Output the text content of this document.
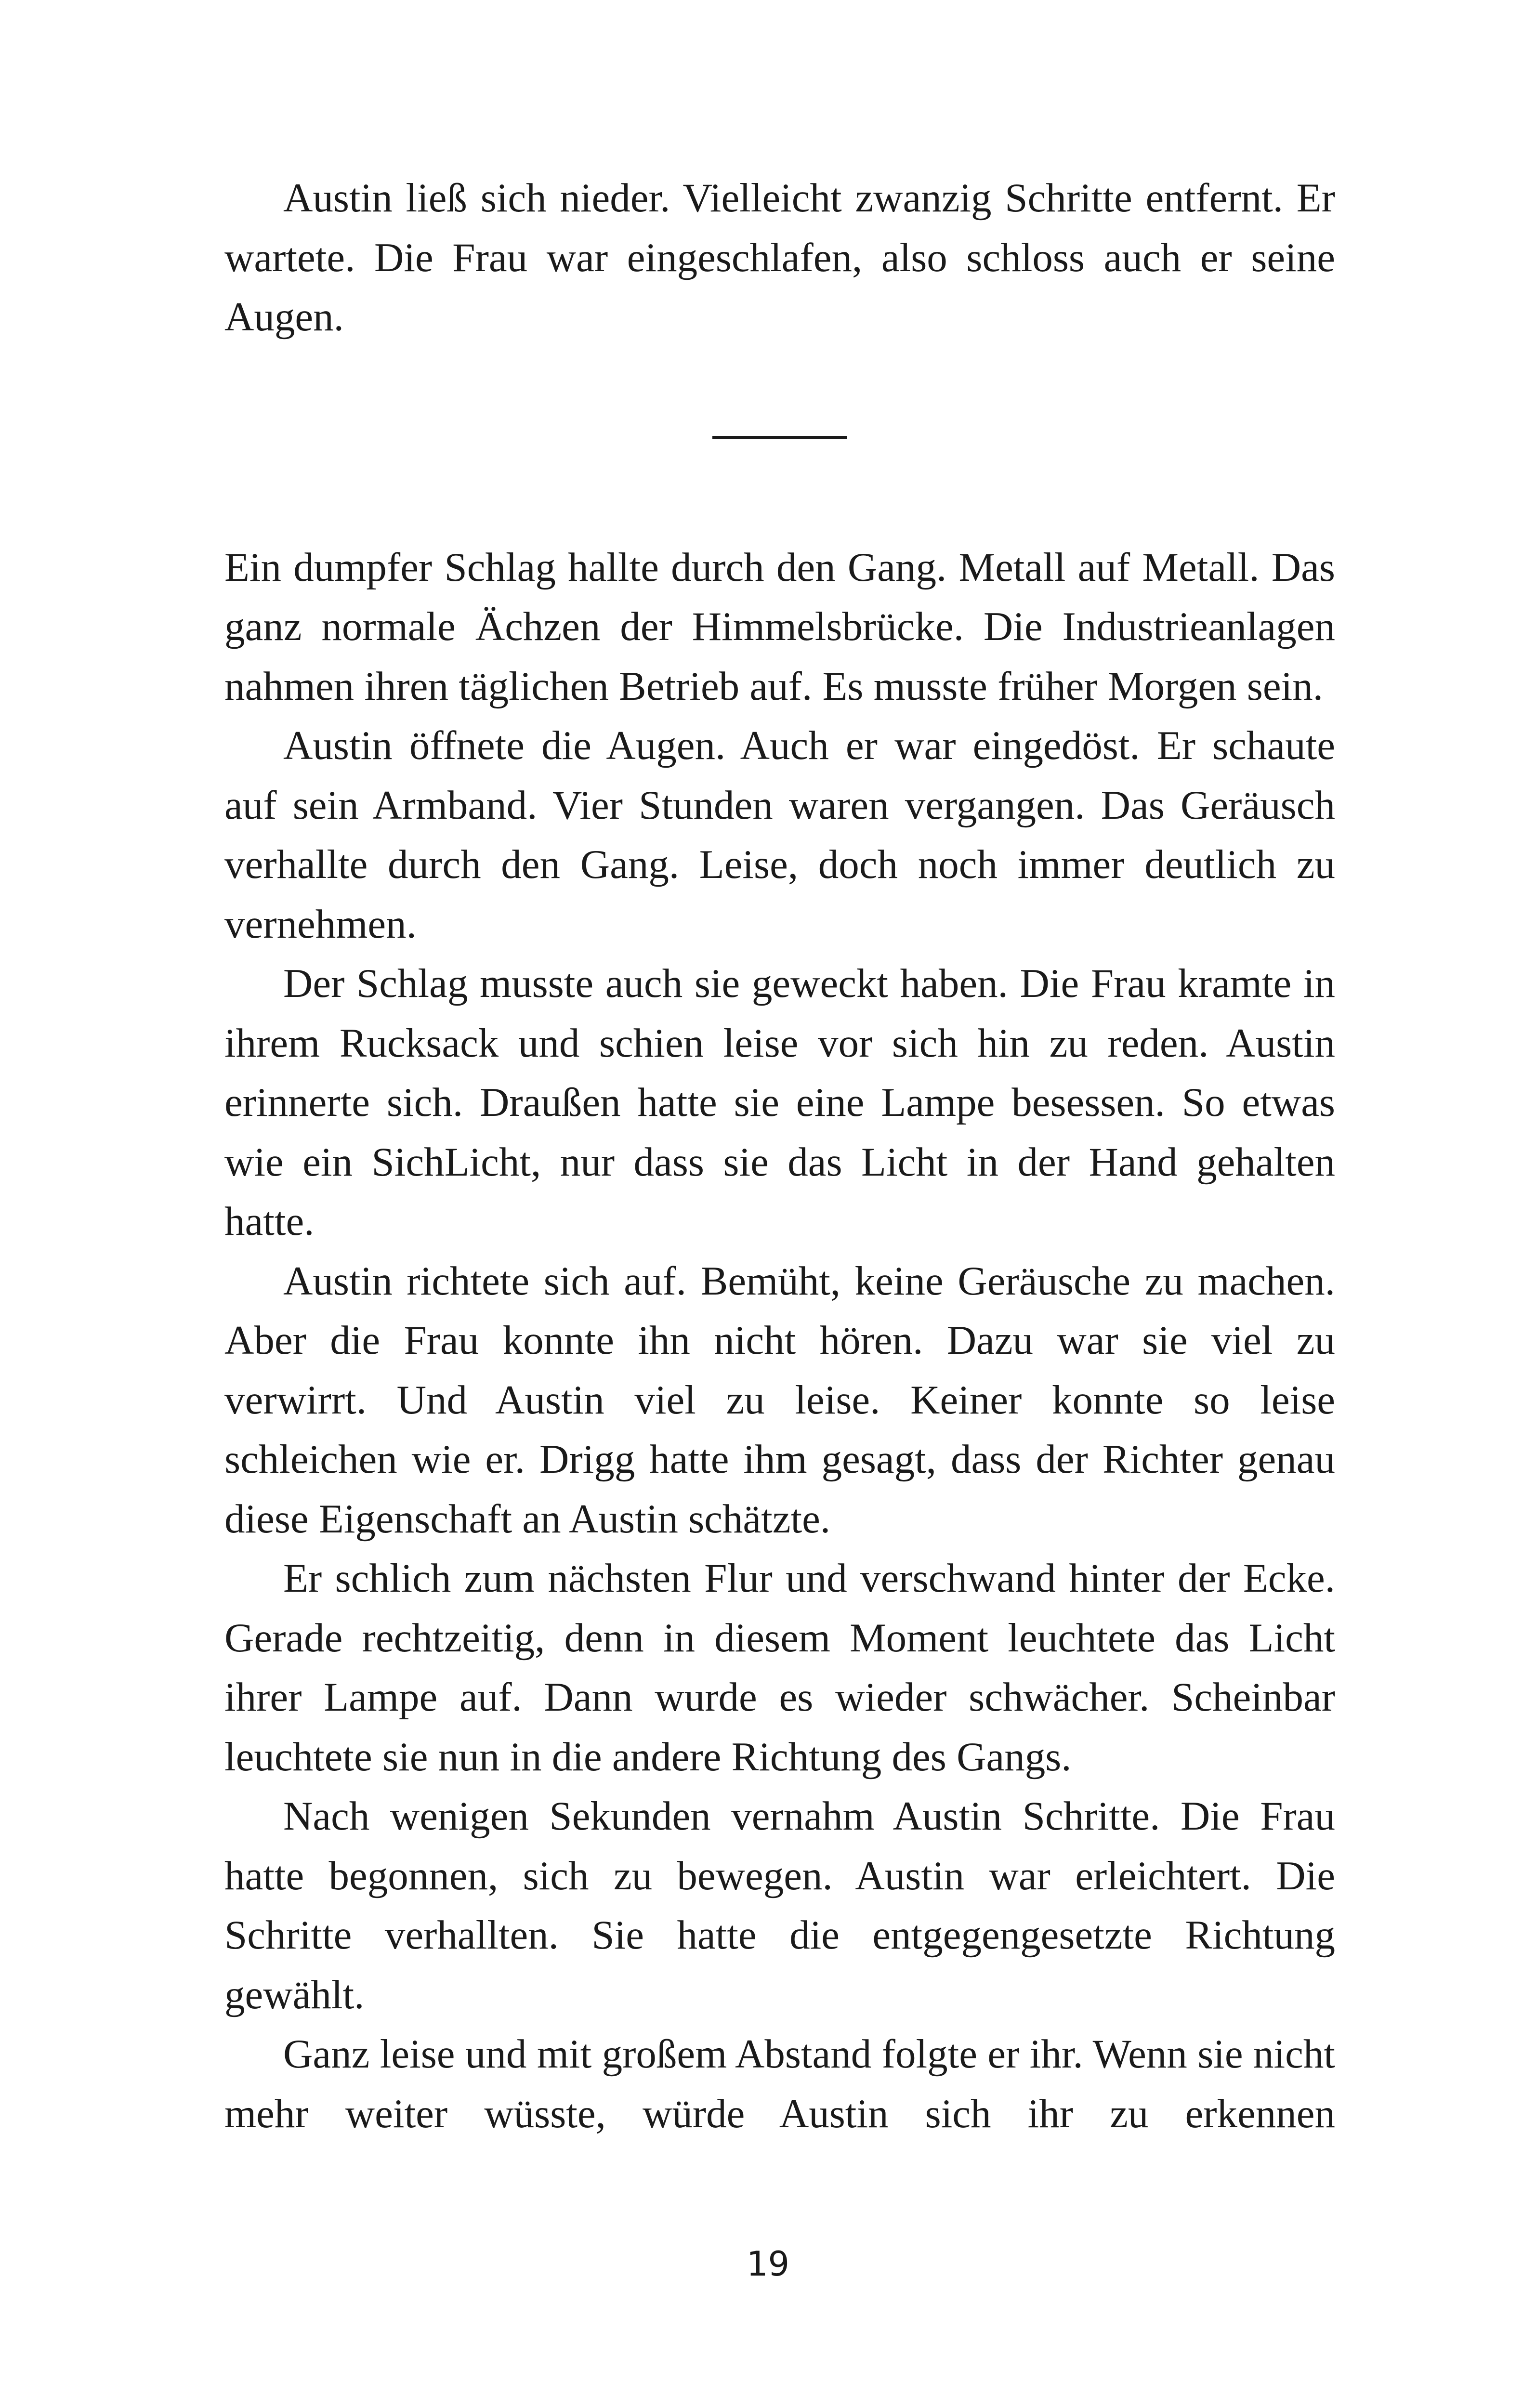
Austin ließ sich nieder. Vielleicht zwanzig Schritte entfernt. Er wartete. Die Frau war eingeschlafen, also schloss auch er seine Augen.

Ein dumpfer Schlag hallte durch den Gang. Metall auf Metall. Das ganz normale Ächzen der Himmelsbrücke. Die Industrieanlagen nahmen ihren täglichen Betrieb auf. Es musste früher Morgen sein.

Austin öffnete die Augen. Auch er war eingedöst. Er schaute auf sein Armband. Vier Stunden waren vergangen. Das Geräusch verhallte durch den Gang. Leise, doch noch immer deutlich zu vernehmen.

Der Schlag musste auch sie geweckt haben. Die Frau kramte in ihrem Rucksack und schien leise vor sich hin zu reden. Austin erinnerte sich. Draußen hatte sie eine Lampe besessen. So etwas wie ein SichLicht, nur dass sie das Licht in der Hand gehalten hatte.

Austin richtete sich auf. Bemüht, keine Geräusche zu machen. Aber die Frau konnte ihn nicht hören. Dazu war sie viel zu verwirrt. Und Austin viel zu leise. Keiner konnte so leise schleichen wie er. Drigg hatte ihm gesagt, dass der Richter genau diese Eigenschaft an Austin schätzte.

Er schlich zum nächsten Flur und verschwand hinter der Ecke. Gerade rechtzeitig, denn in diesem Moment leuchtete das Licht ihrer Lampe auf. Dann wurde es wieder schwächer. Scheinbar leuchtete sie nun in die andere Richtung des Gangs.

Nach wenigen Sekunden vernahm Austin Schritte. Die Frau hatte begonnen, sich zu bewegen. Austin war erleichtert. Die Schritte verhallten. Sie hatte die entgegengesetzte Richtung gewählt.

Ganz leise und mit großem Abstand folgte er ihr. Wenn sie nicht mehr weiter wüsste, würde Austin sich ihr zu erkennen

19
